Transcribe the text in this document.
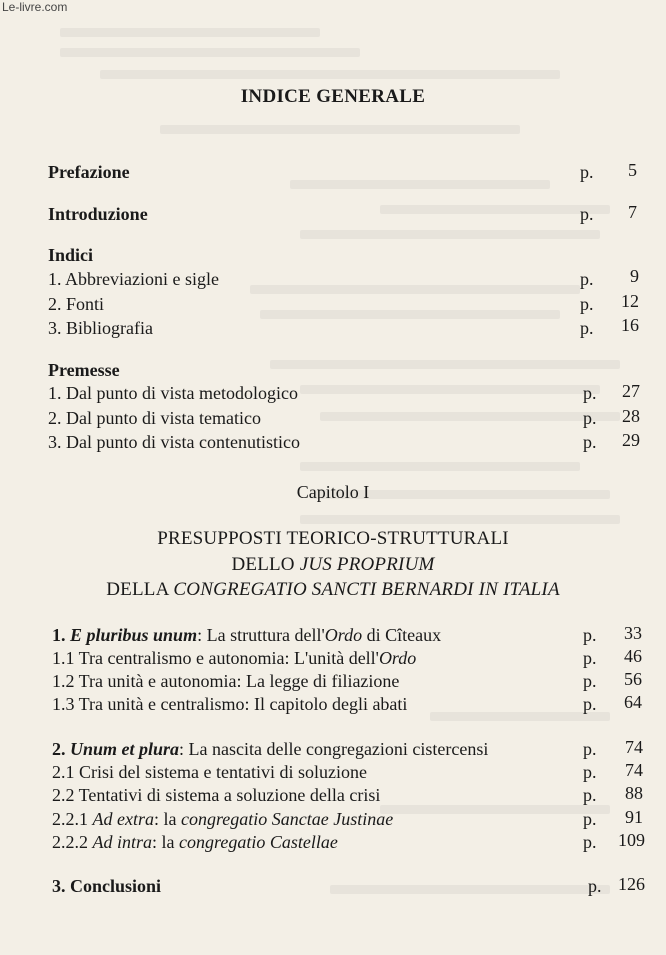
Le-livre.com
INDICE GENERALE
Prefazione	p.	5
Introduzione	p.	7
Indici
1. Abbreviazioni e sigle	p.	9
2. Fonti	p.	12
3. Bibliografia	p.	16
Premesse
1. Dal punto di vista metodologico	p.	27
2. Dal punto di vista tematico	p.	28
3. Dal punto di vista contenutistico	p.	29
Capitolo I
PRESUPPOSTI TEORICO-STRUTTURALI
DELLO JUS PROPRIUM
DELLA CONGREGATIO SANCTI BERNARDI IN ITALIA
1. E pluribus unum: La struttura dell'Ordo di Cîteaux	p.	33
1.1 Tra centralismo e autonomia: L'unità dell'Ordo	p.	46
1.2 Tra unità e autonomia: La legge di filiazione	p.	56
1.3 Tra unità e centralismo: Il capitolo degli abati	p.	64
2. Unum et plura: La nascita delle congregazioni cistercensi	p.	74
2.1 Crisi del sistema e tentativi di soluzione	p.	74
2.2 Tentativi di sistema a soluzione della crisi	p.	88
2.2.1 Ad extra: la congregatio Sanctae Justinae	p.	91
2.2.2 Ad intra: la congregatio Castellae	p.	109
3. Conclusioni	p. 126
